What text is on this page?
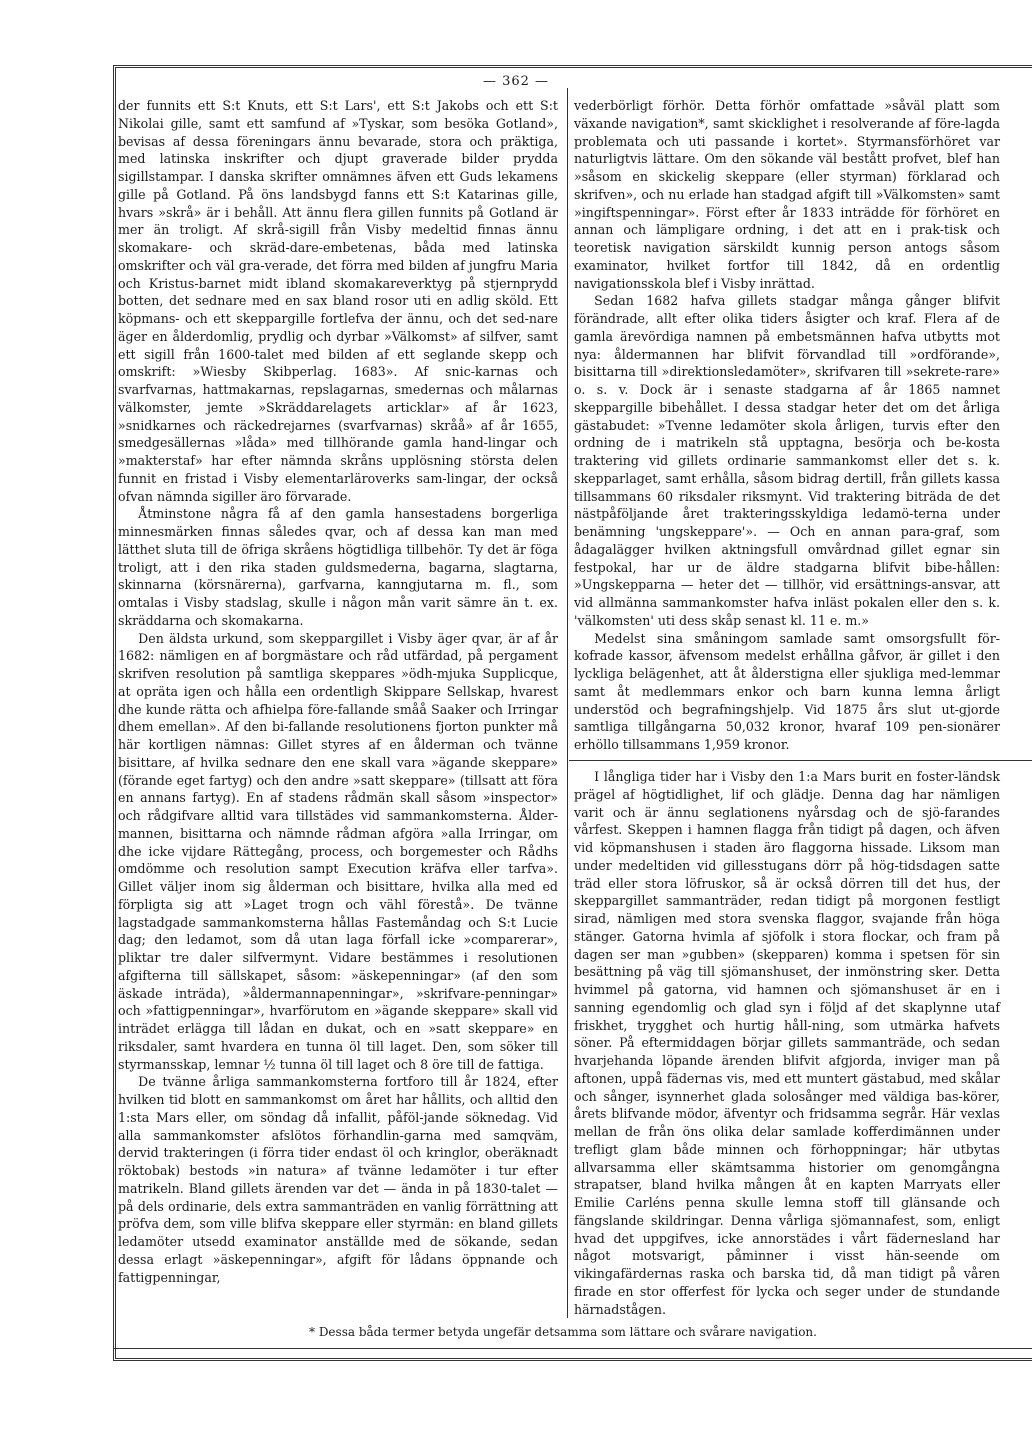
— 362 —

der funnits ett S:t Knuts, ett S:t Lars', ett S:t Jakobs och ett S:t Nikolai gille, samt ett samfund af »Tyskar, som besöka Gotland», bevisas af dessa föreningars ännu bevarade, stora och präktiga, med latinska inskrifter och djupt graverade bilder prydda sigillstampar. I danska skrifter omnämnes äfven ett Guds lekamens gille på Gotland. På öns landsbygd fanns ett S:t Katarinas gille, hvars »skrå» är i behåll. Att ännu flera gillen funnits på Gotland är mer än troligt. Af skrå-sigill från Visby medeltid finnas ännu skomakare- och skräd-dare-embetenas, båda med latinska omskrifter och väl gra-verade, det förra med bilden af jungfru Maria och Kristus-barnet midt ibland skomakareverktyg på stjernprydd botten, det sednare med en sax bland rosor uti en adlig sköld. Ett köpmans- och ett skeppargille fortlefva der ännu, och det sed-nare äger en ålderdomlig, prydlig och dyrbar »Välkomst» af silfver, samt ett sigill från 1600-talet med bilden af ett seglande skepp och omskrift: »Wiesby Skibperlag. 1683». Af snic-karnas och svarfvarnas, hattmakarnas, repslagarnas, smedernas och målarnas välkomster, jemte »Skräddarelagets articklar» af år 1623, »snidkarnes och räckedrejarnes (svarfvarnas) skråå» af år 1655, smedgesällernas »låda» med tillhörande gamla hand-lingar och »makterstaf» har efter nämnda skråns upplösning största delen funnit en fristad i Visby elementarläroverks sam-lingar, der också ofvan nämnda sigiller äro förvarade.

Åtminstone några få af den gamla hansestadens borgerliga minnesmärken finnas således qvar, och af dessa kan man med lätthet sluta till de öfriga skråens högtidliga tillbehör. Ty det är föga troligt, att i den rika staden guldsmederna, bagarna, slagtarna, skinnarna (körsnärerna), garfvarna, kanngjutarna m. fl., som omtalas i Visby stadslag, skulle i någon mån varit sämre än t. ex. skräddarna och skomakarna.

Den äldsta urkund, som skeppargillet i Visby äger qvar, är af år 1682: nämligen en af borgmästare och råd utfärdad, på pergament skrifven resolution på samtliga skeppares »ödh-mjuka Supplicque, at opräta igen och hålla een ordentligh Skippare Sellskap, hvarest dhe kunde rätta och afhielpa före-fallande småå Saaker och Irringar dhem emellan». Af den bi-fallande resolutionens fjorton punkter må här kortligen nämnas: Gillet styres af en ålderman och tvänne bisittare, af hvilka sednare den ene skall vara »ägande skeppare» (förande eget fartyg) och den andre »satt skeppare» (tillsatt att föra en annans fartyg). En af stadens rådmän skall såsom »inspector» och rådgifvare alltid vara tillstädes vid sammankomsterna. Ålder-mannen, bisittarna och nämnde rådman afgöra »alla Irringar, om dhe icke vijdare Rättegång, process, och borgemester och Rådhs omdömme och resolution sampt Execution kräfva eller tarfva». Gillet väljer inom sig ålderman och bisittare, hvilka alla med ed förpligta sig att »Laget trogn och vähl förestå». De tvänne lagstadgade sammankomsterna hållas Fastemåndag och S:t Lucie dag; den ledamot, som då utan laga förfall icke »comparerar», pliktar tre daler silfvermynt. Vidare bestämmes i resolutionen afgifterna till sällskapet, såsom: »äskepenningar» (af den som äskade inträda), »åldermannapenningar», »skrifvare-penningar» och »fattigpenningar», hvarförutom en »ägande skeppare» skall vid inträdet erlägga till lådan en dukat, och en »satt skeppare» en riksdaler, samt hvardera en tunna öl till laget. Den, som söker till styrmansskap, lemnar ½ tunna öl till laget och 8 öre till de fattiga.

De tvänne årliga sammankomsterna fortforo till år 1824, efter hvilken tid blott en sammankomst om året har hållits, och alltid den 1:sta Mars eller, om söndag då infallit, påföl-jande söknedag. Vid alla sammankomster afslötos förhandlin-garna med samqväm, dervid trakteringen (i förra tider endast öl och kringlor, oberäknadt röktobak) bestods »in natura» af tvänne ledamöter i tur efter matrikeln. Bland gillets ärenden var det — ända in på 1830-talet — på dels ordinarie, dels extra sammanträden en vanlig förrättning att pröfva dem, som ville blifva skeppare eller styrmän: en bland gillets ledamöter utsedd examinator anställde med de sökande, sedan dessa erlagt »äskepenningar», afgift för lådans öppnande och fattigpenningar,

vederbörligt förhör. Detta förhör omfattade »såväl platt som växande navigation*, samt skicklighet i resolverande af före-lagda problemata och uti passande i kortet». Styrmansförhöret var naturligtvis lättare. Om den sökande väl bestått profvet, blef han »såsom en skickelig skeppare (eller styrman) förklarad och skrifven», och nu erlade han stadgad afgift till »Välkomsten» samt »ingiftspenningar». Först efter år 1833 inträdde för förhöret en annan och lämpligare ordning, i det att en i prak-tisk och teoretisk navigation särskildt kunnig person antogs såsom examinator, hvilket fortfor till 1842, då en ordentlig navigationsskola blef i Visby inrättad.

Sedan 1682 hafva gillets stadgar många gånger blifvit förändrade, allt efter olika tiders åsigter och kraf. Flera af de gamla ärevördiga namnen på embetsmännen hafva utbytts mot nya: åldermannen har blifvit förvandlad till »ordförande», bisittarna till »direktionsledamöter», skrifvaren till »sekrete-rare» o. s. v. Dock är i senaste stadgarna af år 1865 namnet skeppargille bibehållet. I dessa stadgar heter det om det årliga gästabudet: »Tvenne ledamöter skola årligen, turvis efter den ordning de i matrikeln stå upptagna, besörja och be-kosta traktering vid gillets ordinarie sammankomst eller det s. k. skepparlaget, samt erhålla, såsom bidrag dertill, från gillets kassa tillsammans 60 riksdaler riksmynt. Vid traktering biträda de det nästpåföljande året trakteringsskyldiga ledamö-terna under benämning 'ungskeppare'». — Och en annan para-graf, som ådagalägger hvilken aktningsfull omvårdnad gillet egnar sin festpokal, har ur de äldre stadgarna blifvit bibe-hållen: »Ungskepparna — heter det — tillhör, vid ersättnings-ansvar, att vid allmänna sammankomster hafva inläst pokalen eller den s. k. 'välkomsten' uti dess skåp senast kl. 11 e. m.»

Medelst sina småningom samlade samt omsorgsfullt för-kofrade kassor, äfvensom medelst erhållna gåfvor, är gillet i den lyckliga belägenhet, att åt ålderstigna eller sjukliga med-lemmar samt åt medlemmars enkor och barn kunna lemna årligt understöd och begrafningshjelp. Vid 1875 års slut ut-gjorde samtliga tillgångarna 50,032 kronor, hvaraf 109 pen-sionärer erhöllo tillsammans 1,959 kronor.

I långliga tider har i Visby den 1:a Mars burit en foster-ländsk prägel af högtidlighet, lif och glädje. Denna dag har nämligen varit och är ännu seglationens nyårsdag och de sjö-farandes vårfest. Skeppen i hamnen flagga från tidigt på dagen, och äfven vid köpmanshusen i staden äro flaggorna hissade. Liksom man under medeltiden vid gillesstugans dörr på hög-tidsdagen satte träd eller stora löfruskor, så är också dörren till det hus, der skeppargillet sammanträder, redan tidigt på morgonen festligt sirad, nämligen med stora svenska flaggor, svajande från höga stänger. Gatorna hvimla af sjöfolk i stora flockar, och fram på dagen ser man »gubben» (skepparen) komma i spetsen för sin besättning på väg till sjömanshuset, der inmönstring sker. Detta hvimmel på gatorna, vid hamnen och sjömanshuset är en i sanning egendomlig och glad syn i följd af det skaplynne utaf friskhet, trygghet och hurtig håll-ning, som utmärka hafvets söner. På eftermiddagen börjar gillets sammanträde, och sedan hvarjehanda löpande ärenden blifvit afgjorda, inviger man på aftonen, uppå fädernas vis, med ett muntert gästabud, med skålar och sånger, isynnerhet glada solosånger med väldiga bas-körer, årets blifvande mödor, äfventyr och fridsamma segrår. Här vexlas mellan de från öns olika delar samlade kofferdimännen under trefligt glam både minnen och förhoppningar; här utbytas allvarsamma eller skämtsamma historier om genomgångna strapatser, bland hvilka mången åt en kapten Marryats eller Emilie Carléns penna skulle lemna stoff till glänsande och fängslande skildringar. Denna vårliga sjömannafest, som, enligt hvad det uppgifves, icke annorstädes i vårt fädernesland har något motsvarigt, påminner i visst hän-seende om vikingafärdernas raska och barska tid, då man tidigt på våren firade en stor offerfest för lycka och seger under de stundande härnadstågen.

* Dessa båda termer betyda ungefär detsamma som lättare och svårare navigation.
